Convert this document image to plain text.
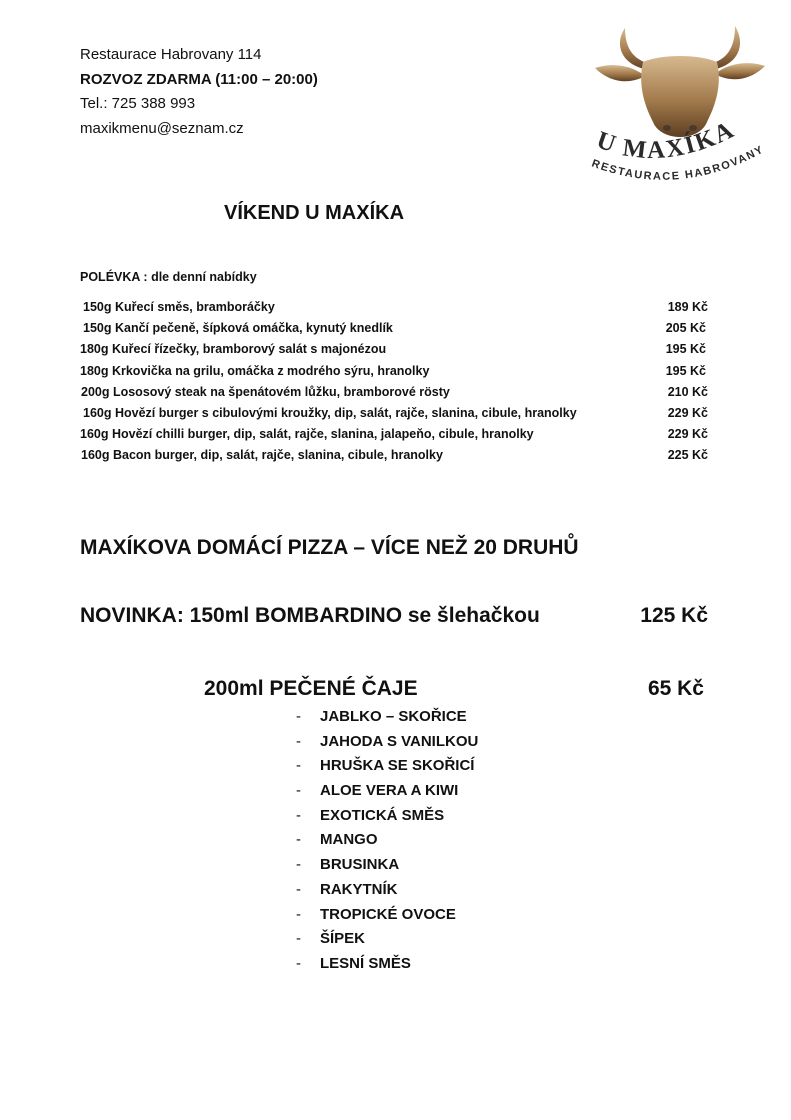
Restaurace Habrovany 114
ROZVOZ ZDARMA (11:00 – 20:00)
Tel.: 725 388 993
maxikmenu@seznam.cz	U MAXÍKA
RESTAURACE HABROVANY
VÍKEND U MAXÍKA
POLÉVKA : dle denní nabídky
150g Kuřecí směs, bramboráčky	189 Kč
150g Kančí pečeně, šípková omáčka, kynutý knedlík	205 Kč
180g Kuřecí řízečky, bramborový salát s majonézou	195 Kč
180g Krkovička na grilu, omáčka z modrého sýru, hranolky	195 Kč
200g Lososový steak na špenátovém lůžku, bramborové rösty	210 Kč
160g Hovězí burger s cibulovými kroužky, dip, salát, rajče, slanina, cibule, hranolky	229 Kč
160g Hovězí chilli burger, dip, salát, rajče, slanina, jalapeňo, cibule, hranolky	229 Kč
160g Bacon burger, dip, salát, rajče, slanina, cibule, hranolky	225 Kč
MAXÍKOVA DOMÁCÍ PIZZA – VÍCE NEŽ 20 DRUHŮ
NOVINKA: 150ml BOMBARDINO se šlehačkou	125 Kč
200ml PEČENÉ ČAJE	65 Kč
- JABLKO – SKOŘICE
- JAHODA S VANILKOU
- HRUŠKA SE SKOŘICÍ
- ALOE VERA A KIWI
- EXOTICKÁ SMĚS
- MANGO
- BRUSINKA
- RAKYTNÍK
- TROPICKÉ OVOCE
- ŠÍPEK
- LESNÍ SMĚS
